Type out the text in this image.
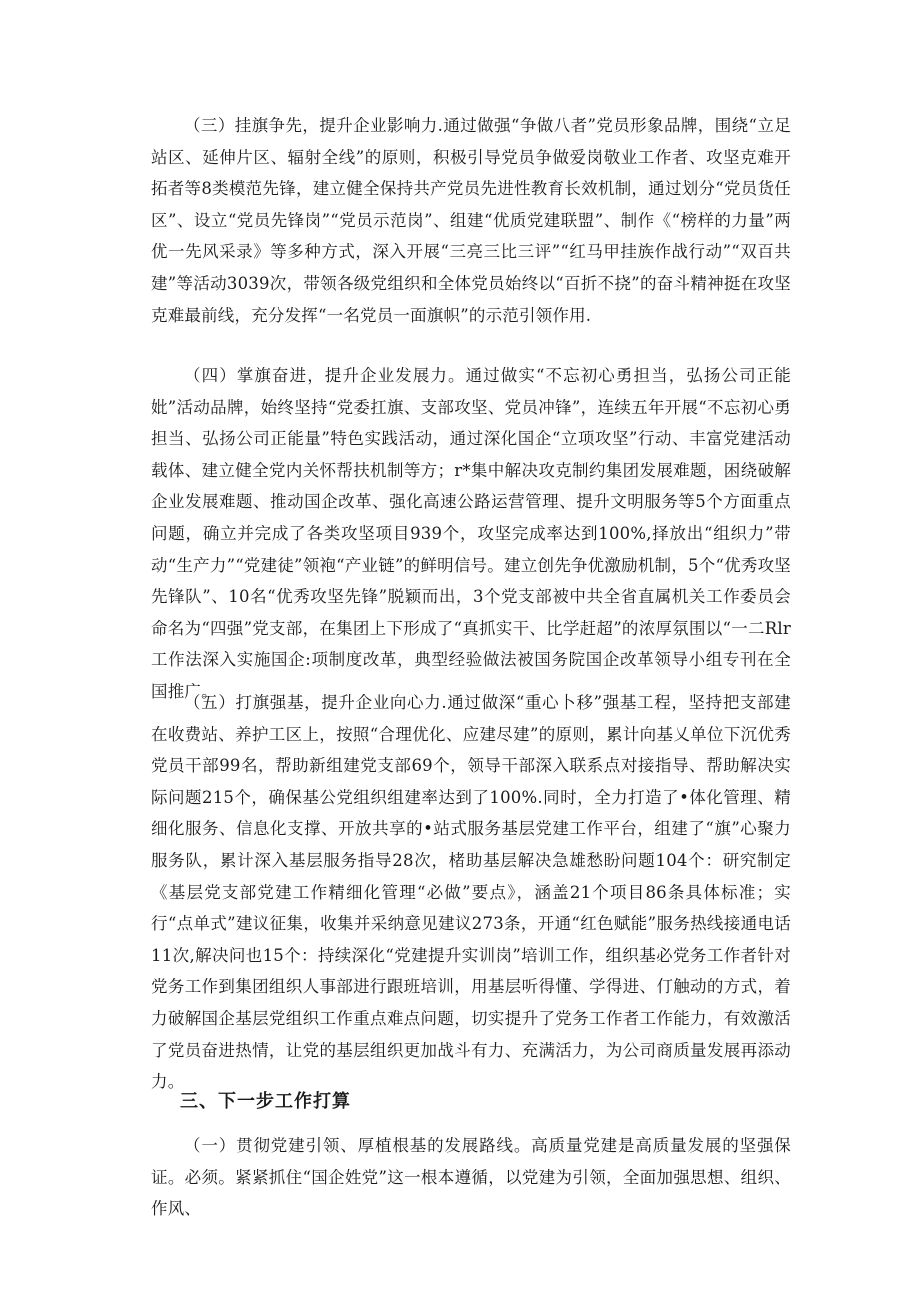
（三）挂旗争先，提升企业影响力.通过做强“争做八者”党员形象品牌，围绕“立足站区、延伸片区、辐射全线”的原则，积极引导党员争做爱岗敬业工作者、攻坚克难开拓者等8类模范先锋，建立健全保持共产党员先进性教育长效机制，通过划分“党员货任区”、设立“党员先锋岗”“党员示范岗”、组建“优质党建联盟”、制作《“榜样的力量”两优一先风采录》等多种方式，深入开展“三亮三比三评”“红马甲挂族作战行动”“双百共建”等活动3039次，带领各级党组织和全体党员始终以“百折不挠”的奋斗精神挺在攻坚克难最前线，充分发挥“一名党员一面旗帜”的示范引领作用.

（四）掌旗奋进，提升企业发展力。通过做实“不忘初心勇担当，弘扬公司正能妣”活动品牌，始终坚持“党委扛旗、支部攻坚、党员冲锋”，连续五年开展“不忘初心勇担当、弘扬公司正能量”特色实践活动，通过深化国企“立项攻坚”行动、丰富党建活动载体、建立健全党内关怀帮扶机制等方；r*集中解决攻克制约集团发展难题，困绕破解企业发展难题、推动国企改革、强化高速公路运营管理、提升文明服务等5个方面重点问题，确立并完成了各类攻坚项目939个，攻坚完成率达到100%,择放出“组织力”带动“生产力”“党建徒”领袍“产业链”的鲜明信号。建立创先争优激励机制，5个“优秀攻坚先锋队”、10名“优秀攻坚先锋”脱颖而出，3个党支部被中共全省直属机关工作委员会命名为“四强”党支部，在集团上下形成了“真抓实干、比学赶超”的浓厚氛围以“一二Rlr工作法深入实施国企:项制度改革，典型经验做法被国务院国企改革领导小组专刊在全国推广。

（五）打旗强基，提升企业向心力.通过做深“重心卜移”强基工程，坚持把支部建在收费站、养护工区上，按照“合理优化、应建尽建”的原则，累计向基乂单位下沉优秀党员干部99名，帮助新组建党支部69个，领导干部深入联系点对接指导、帮助解决实际问题215个，确保基公党组织组建率达到了100%.同时，全力打造了•体化管理、精细化服务、信息化支撑、开放共享的•站式服务基层党建工作平台，组建了“旗”心聚力服务队，累计深入基层服务指导28次，楮助基层解决急雄愁盼问题104个：研究制定《基层党支部党建工作精细化管理“必做”要点》，涵盖21个项目86条具体标准；实行“点单式”建议征集，收集并采纳意见建议273条，开通“红色赋能”服务热线接通电话11次,解决问也15个：持续深化“党建提升实训岗”培训工作，组织基必党务工作者针对党务工作到集团组织人事部进行跟班培训，用基层听得懂、学得进、仃触动的方式，着力破解国企基层党组织工作重点难点问题，切实提升了党务工作者工作能力，有效激活了党员奋进热情，让党的基层组织更加战斗有力、充满活力，为公司商质量发展再添动力。

三、下一步工作打算

（一）贯彻党建引领、厚植根基的发展路线。高质量党建是高质量发展的坚强保证。必须。紧紧抓住“国企姓党”这一根本遵循，以党建为引领，全面加强思想、组织、作风、
